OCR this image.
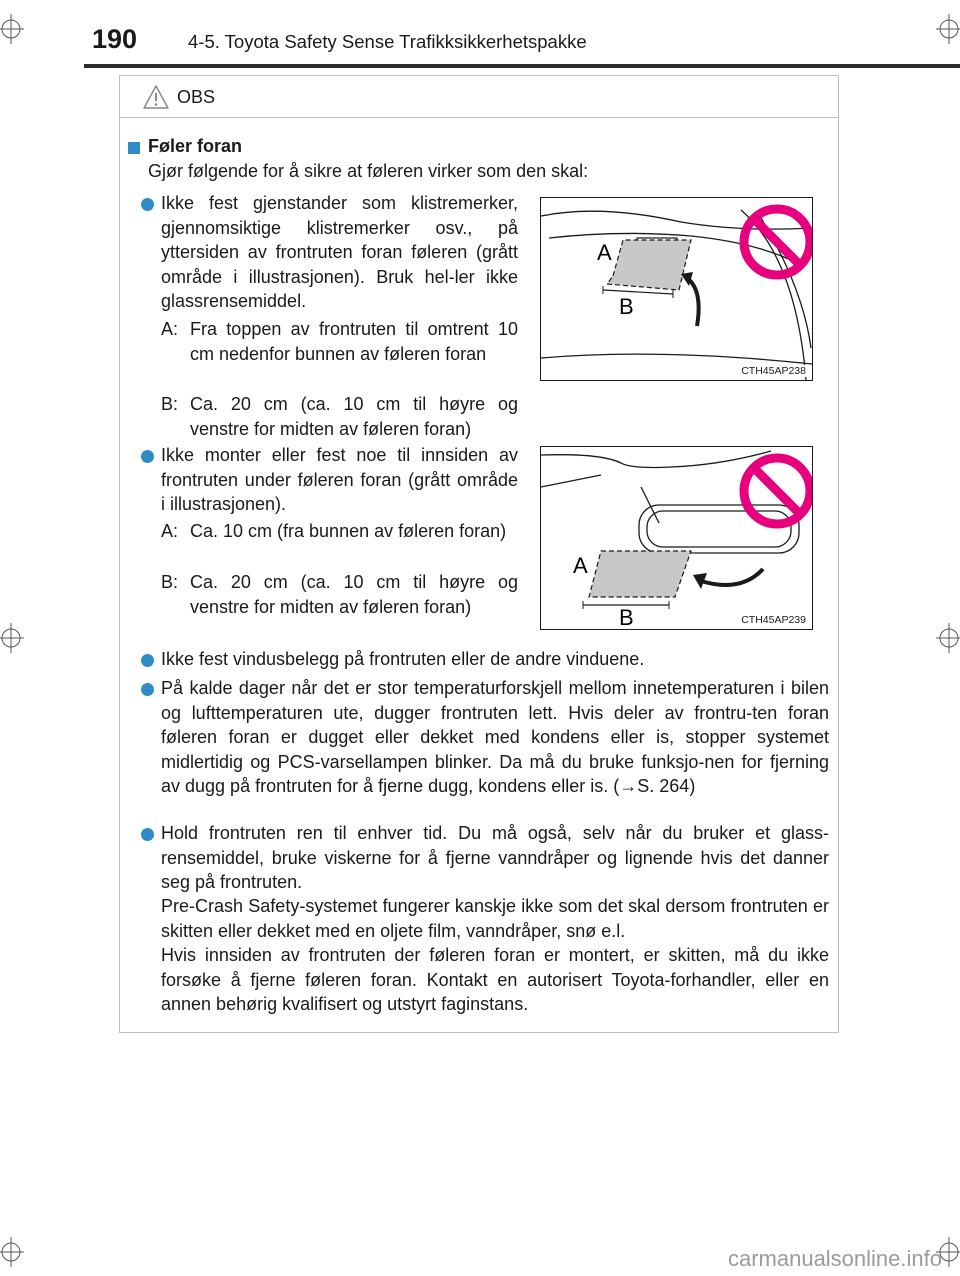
190	4-5. Toyota Safety Sense Trafikksikkerhetspakke
OBS
Føler foran
Gjør følgende for å sikre at føleren virker som den skal:
Ikke fest gjenstander som klistremerker, gjennomsiktige klistremerker osv., på yttersiden av frontruten foran føleren (grått område i illustrasjonen). Bruk hel-ler ikke glassrensemiddel.
A: Fra toppen av frontruten til omtrent 10 cm nedenfor bunnen av føleren foran
B: Ca. 20 cm (ca. 10 cm til høyre og venstre for midten av føleren foran)
Ikke monter eller fest noe til innsiden av frontruten under føleren foran (grått område i illustrasjonen).
A: Ca. 10 cm (fra bunnen av føleren foran)
B: Ca. 20 cm (ca. 10 cm til høyre og venstre for midten av føleren foran)
Ikke fest vindusbelegg på frontruten eller de andre vinduene.
På kalde dager når det er stor temperaturforskjell mellom innetemperaturen i bilen og lufttemperaturen ute, dugger frontruten lett. Hvis deler av frontru-ten foran føleren foran er dugget eller dekket med kondens eller is, stopper systemet midlertidig og PCS-varsellampen blinker. Da må du bruke funksjo-nen for fjerning av dugg på frontruten for å fjerne dugg, kondens eller is. (→S. 264)
Hold frontruten ren til enhver tid. Du må også, selv når du bruker et glass-rensemiddel, bruke viskerne for å fjerne vanndråper og lignende hvis det danner seg på frontruten.
Pre-Crash Safety-systemet fungerer kanskje ikke som det skal dersom frontruten er skitten eller dekket med en oljete film, vanndråper, snø e.l.
Hvis innsiden av frontruten der føleren foran er montert, er skitten, må du ikke forsøke å fjerne føleren foran. Kontakt en autorisert Toyota-forhandler, eller en annen behørig kvalifisert og utstyrt faginstans.
A
B
CTH45AP238
A
B	CTH45AP239
carmanualsonline.info
